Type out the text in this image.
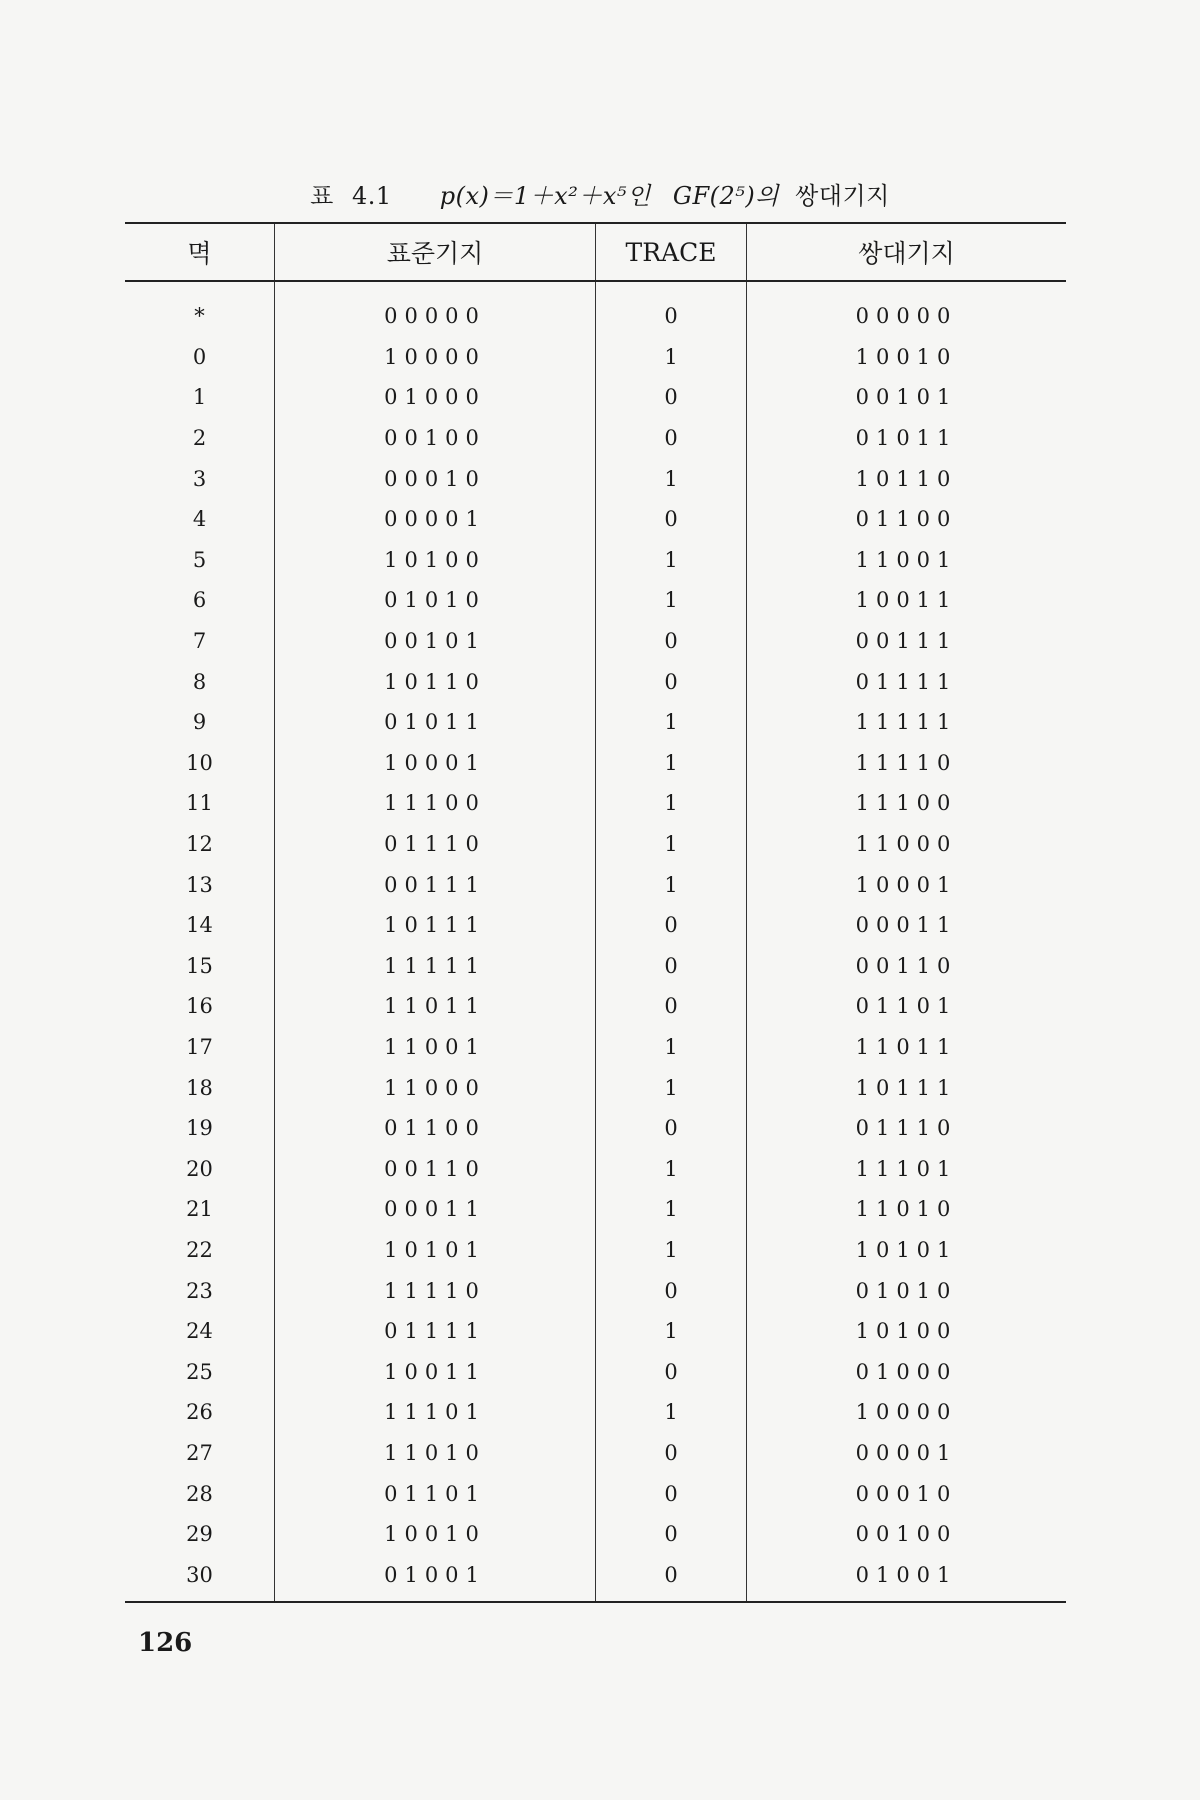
표 4.1 p(x)＝1＋x²＋x⁵인 GF(2⁵)의 쌍대기지
멱	표준기지	TRACE	쌍대기지
*	00000	0	00000
0	10000	1	10010
1	01000	0	00101
2	00100	0	01011
3	00010	1	10110
4	00001	0	01100
5	10100	1	11001
6	01010	1	10011
7	00101	0	00111
8	10110	0	01111
9	01011	1	11111
10	10001	1	11110
11	11100	1	11100
12	01110	1	11000
13	00111	1	10001
14	10111	0	00011
15	11111	0	00110
16	11011	0	01101
17	11001	1	11011
18	11000	1	10111
19	01100	0	01110
20	00110	1	11101
21	00011	1	11010
22	10101	1	10101
23	11110	0	01010
24	01111	1	10100
25	10011	0	01000
26	11101	1	10000
27	11010	0	00001
28	01101	0	00010
29	10010	0	00100
30	01001	0	01001
126
